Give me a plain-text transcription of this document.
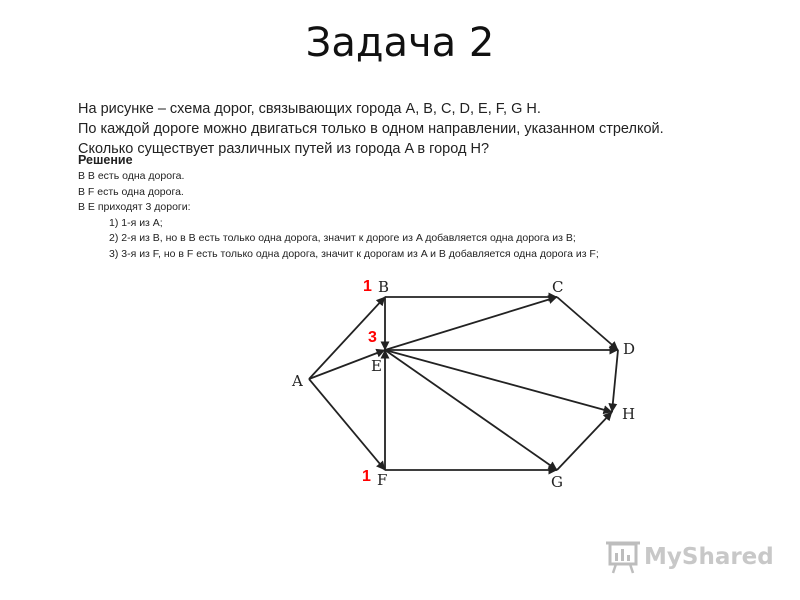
Задача 2

На рисунке – схема дорог, связывающих города A, B, C, D, E, F, G H.

По каждой дороге можно двигаться только в одном направлении, указанном стрелкой.

Сколько существует различных путей из города A в город H?

Решение

В B есть одна дорога.

В F есть одна дорога.

В E приходят 3 дороги:

1) 1-я из A;

2) 2-я из B, но в B есть только одна дорога, значит к дороге из A добавляется одна дорога из B;

3) 3-я из F, но в F есть только одна дорога, значит к дорогам из A и B добавляется одна дорога из F;

B	C
D
E
A
H
F	G
1
3
1
MyShared
